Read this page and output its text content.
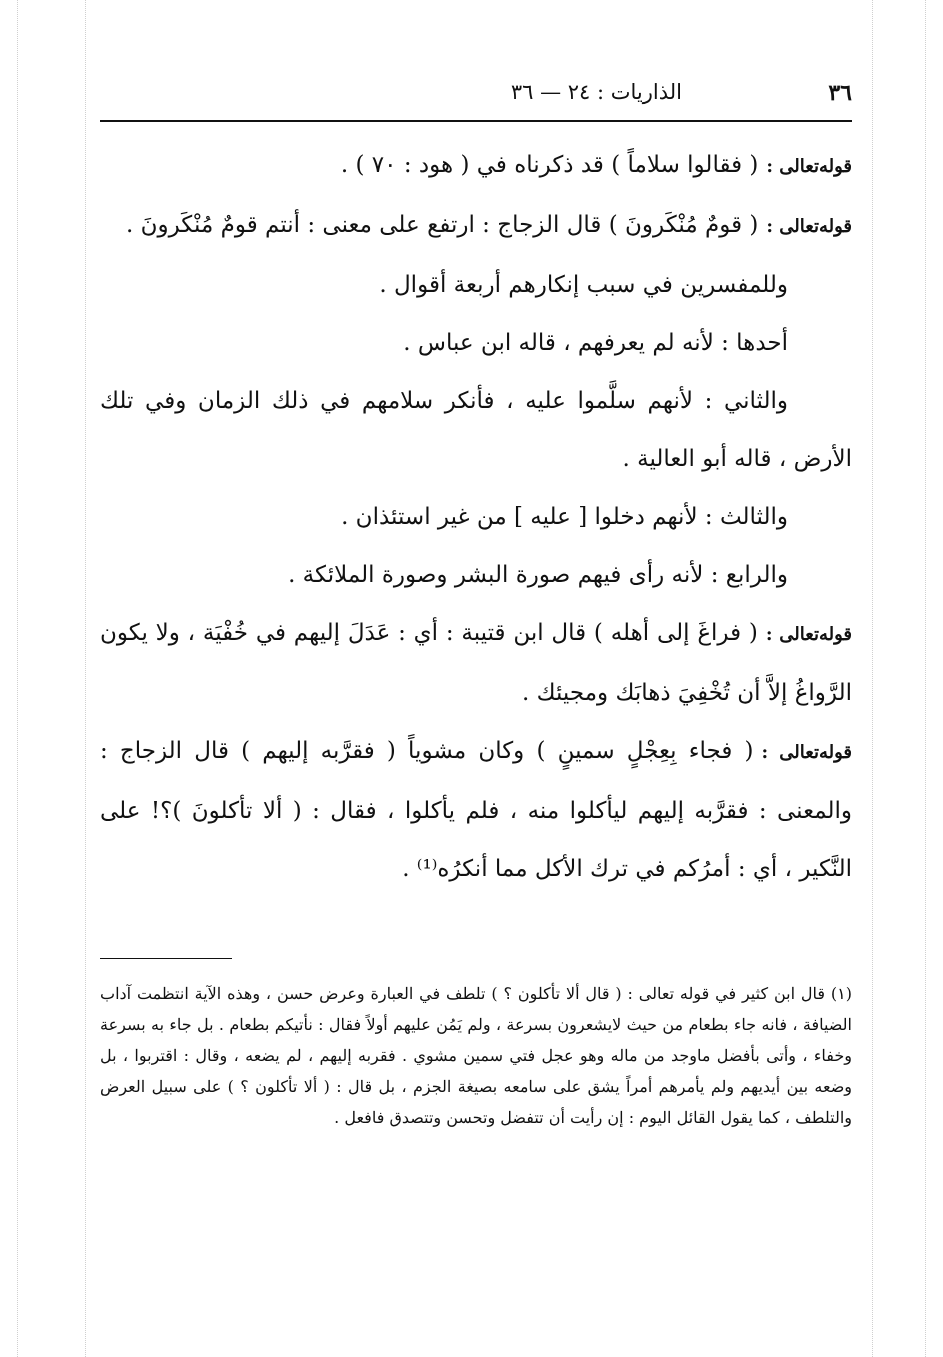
٣٦
الذاريات : ٢٤ — ٣٦

قوله‌تعالى :( فقالوا سلاماً ) قد ذكرناه في ( هود : ٧٠ ) .

قوله‌تعالى :( قومٌ مُنْكَرونَ ) قال الزجاج : ارتفع على معنى : أنتم قومٌ مُنْكَرونَ .

وللمفسرين في سبب إنكارهم أربعة أقوال .

أحدها : لأنه لم يعرفهم ، قاله ابن عباس .

والثاني : لأنهم سلَّموا عليه ، فأنكر سلامهم في ذلك الزمان وفي تلك الأرض ، قاله أبو العالية .

والثالث : لأنهم دخلوا [ عليه ] من غير استئذان .

والرابع : لأنه رأى فيهم صورة البشر وصورة الملائكة .

قوله‌تعالى :( فراغَ إلى أهله ) قال ابن قتيبة : أي : عَدَلَ إليهم في خُفْيَة ، ولا يكون الرَّواغُ إلاَّ أن تُخْفِيَ ذهابَك ومجيئك .

قوله‌تعالى :( فجاء بِعِجْلٍ سمينٍ ) وكان مشوياً ( فقرَّبه إليهم ) قال الزجاج : والمعنى : فقرَّبه إليهم ليأكلوا منه ، فلم يأكلوا ، فقال : ( ألا تأكلونَ )؟! على النَّكير ، أي : أمرُكم في ترك الأكل مما أنكرُه⁽¹⁾ .

(١) قال ابن كثير في قوله تعالى : ( قال ألا تأكلون ؟ ) تلطف في العبارة وعرض حسن ، وهذه الآية انتظمت آداب الضيافة ، فانه جاء بطعام من حيث لايشعرون بسرعة ، ولم يَمُن عليهم أولاً فقال : نأتيكم بطعام . بل جاء به بسرعة وخفاء ، وأتى بأفضل ماوجد من ماله وهو عجل فتي سمين مشوي . فقربه إليهم ، لم يضعه ، وقال : اقتربوا ، بل وضعه بين أيديهم ولم يأمرهم أمراً يشق على سامعه بصيغة الجزم ، بل قال : ( ألا تأكلون ؟ ) على سبيل العرض والتلطف ، كما يقول القائل اليوم : إن رأيت أن تتفضل وتحسن وتتصدق فافعل .
